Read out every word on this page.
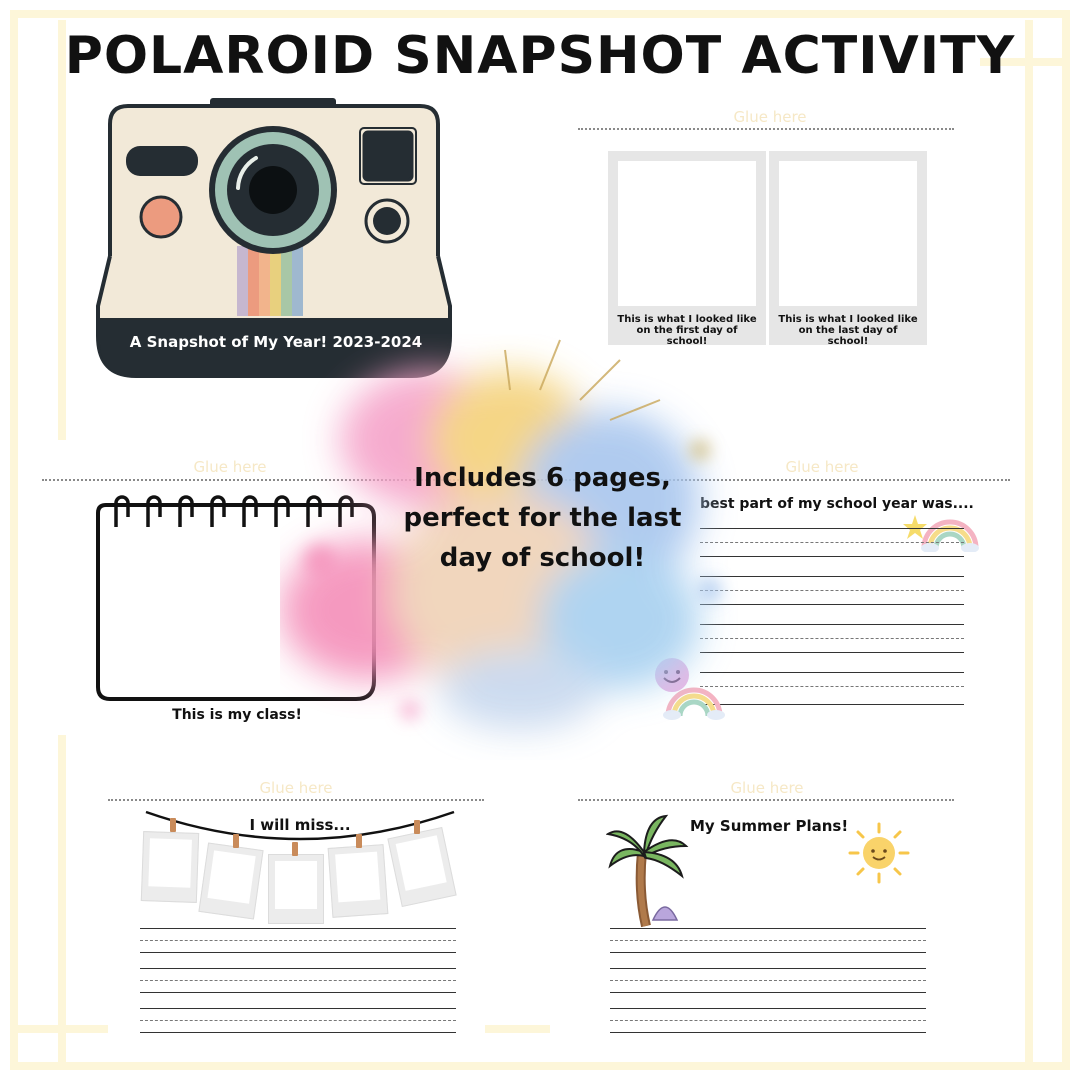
POLAROID SNAPSHOT ACTIVITY
A Snapshot of My Year! 2023-2024
Glue here
This is what I looked like on the first day of school!
This is what I looked like on the last day of school!
Glue here	Glue here
This is my class!
best part of my school year was....
Includes 6 pages, perfect for the last day of school!
Glue here
I will miss...
Glue here
My Summer Plans!
